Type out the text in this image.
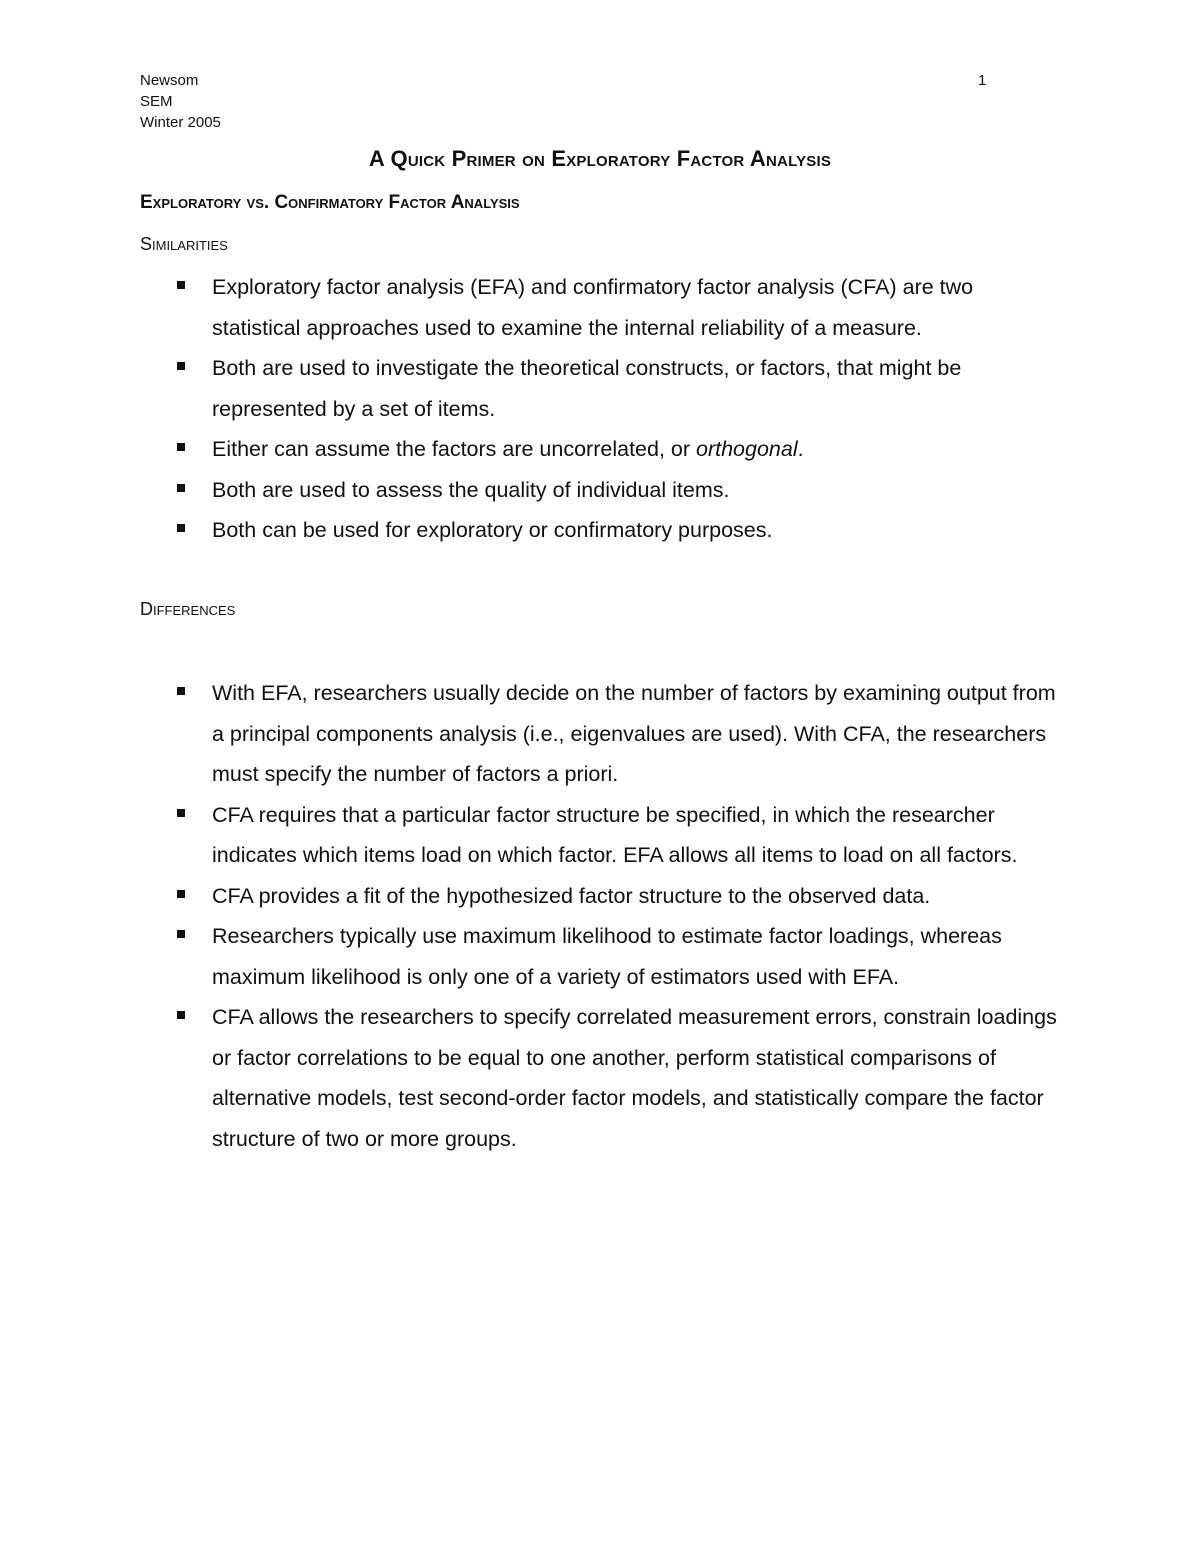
Newsom
SEM
Winter 2005
1
A Quick Primer on Exploratory Factor Analysis
Exploratory vs. Confirmatory Factor Analysis
Similarities
Exploratory factor analysis (EFA) and confirmatory factor analysis (CFA) are two statistical approaches used to examine the internal reliability of a measure.
Both are used to investigate the theoretical constructs, or factors, that might be represented by a set of items.
Either can assume the factors are uncorrelated, or orthogonal.
Both are used to assess the quality of individual items.
Both can be used for exploratory or confirmatory purposes.
Differences
With EFA, researchers usually decide on the number of factors by examining output from a principal components analysis (i.e., eigenvalues are used). With CFA, the researchers must specify the number of factors a priori.
CFA requires that a particular factor structure be specified, in which the researcher indicates which items load on which factor. EFA allows all items to load on all factors.
CFA provides a fit of the hypothesized factor structure to the observed data.
Researchers typically use maximum likelihood to estimate factor loadings, whereas maximum likelihood is only one of a variety of estimators used with EFA.
CFA allows the researchers to specify correlated measurement errors, constrain loadings or factor correlations to be equal to one another, perform statistical comparisons of alternative models, test second-order factor models, and statistically compare the factor structure of two or more groups.
